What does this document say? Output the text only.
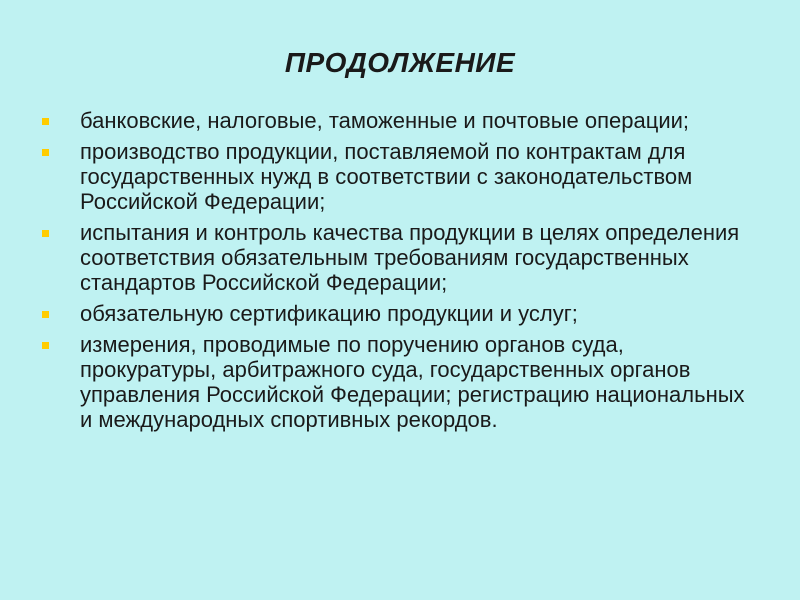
ПРОДОЛЖЕНИЕ
банковские, налоговые, таможенные и почтовые операции;
производство продукции, поставляемой по контрактам для государственных нужд в соответствии с законодательством Российской Федерации;
испытания и контроль качества продукции в целях определения соответствия обязательным требованиям государственных стандартов Российской Федерации;
обязательную сертификацию продукции и услуг;
измерения, проводимые по поручению органов суда, прокуратуры, арбитражного суда, государственных органов управления Российской Федерации; регистрацию национальных и международных спортивных рекордов.
